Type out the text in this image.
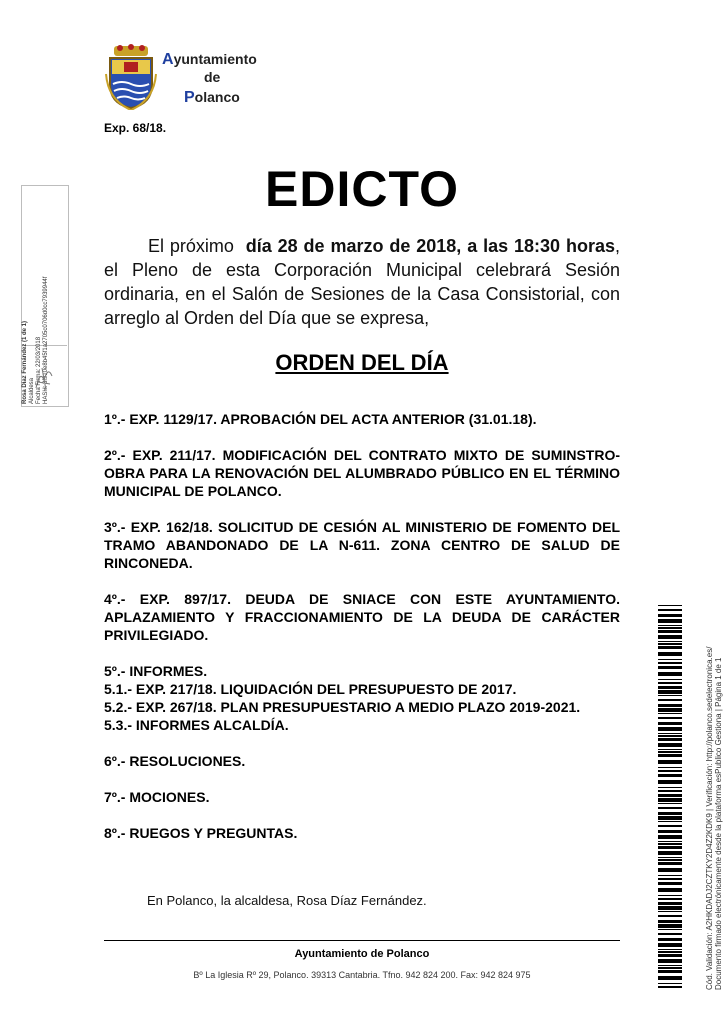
Ayuntamiento
de
Polanco
Exp. 68/18.
Rosa Díaz Fernández (1 de 1) Alcaldesa Fecha Firma: 22/03/2018 HASH: 8f910e8b45f1a2705c0706d0cc7939944f
EDICTO
El próximo día 28 de marzo de 2018, a las 18:30 horas, el Pleno de esta Corporación Municipal celebrará Sesión ordinaria, en el Salón de Sesiones de la Casa Consistorial, con arreglo al Orden del Día que se expresa,
ORDEN DEL DÍA
1º.- EXP. 1129/17. APROBACIÓN DEL ACTA ANTERIOR (31.01.18).
2º.- EXP. 211/17. MODIFICACIÓN DEL CONTRATO MIXTO DE SUMINSTRO-OBRA PARA LA RENOVACIÓN DEL ALUMBRADO PÚBLICO EN EL TÉRMINO MUNICIPAL DE POLANCO.
3º.- EXP. 162/18. SOLICITUD DE CESIÓN AL MINISTERIO DE FOMENTO DEL TRAMO ABANDONADO DE LA N-611. ZONA CENTRO DE SALUD DE RINCONEDA.
4º.- EXP. 897/17. DEUDA DE SNIACE CON ESTE AYUNTAMIENTO. APLAZAMIENTO Y FRACCIONAMIENTO DE LA DEUDA DE CARÁCTER PRIVILEGIADO.
5º.- INFORMES.
5.1.- EXP. 217/18. LIQUIDACIÓN DEL PRESUPUESTO DE 2017.
5.2.- EXP. 267/18. PLAN PRESUPUESTARIO A MEDIO PLAZO 2019-2021.
5.3.- INFORMES ALCALDÍA.
6º.- RESOLUCIONES.
7º.- MOCIONES.
8º.- RUEGOS Y PREGUNTAS.
En Polanco, la alcaldesa, Rosa Díaz Fernández.
Ayuntamiento de Polanco
Bº La Iglesia Rº 29, Polanco. 39313 Cantabria. Tfno. 942 824 200. Fax: 942 824 975	Cód. Validación: A2HKDADJ2CZTKY2D4Z2KDK9 | Verificación: http://polanco.sedelectronica.es/ Documento firmado electrónicamente desde la plataforma esPublico Gestiona | Página 1 de 1
